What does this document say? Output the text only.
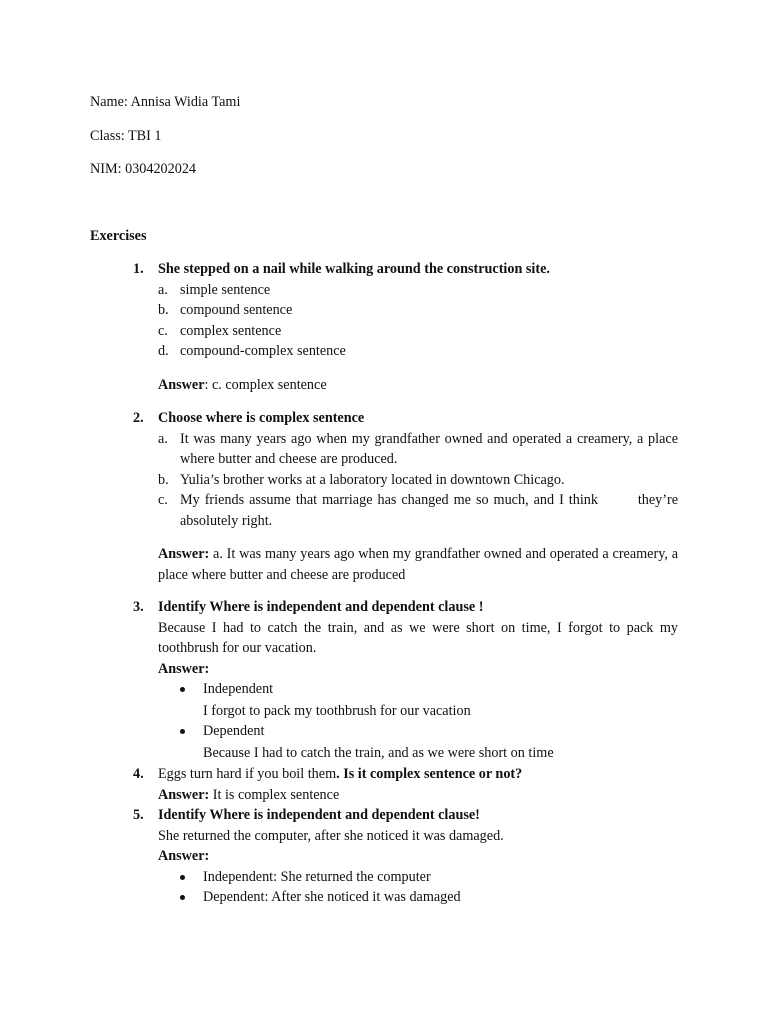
Name: Annisa Widia Tami
Class: TBI 1
NIM: 0304202024
Exercises
1. She stepped on a nail while walking around the construction site.
a. simple sentence
b. compound sentence
c. complex sentence
d. compound-complex sentence
Answer: c. complex sentence
2. Choose where is complex sentence
a. It was many years ago when my grandfather owned and operated a creamery, a place where butter and cheese are produced.
b. Yulia’s brother works at a laboratory located in downtown Chicago.
c. My friends assume that marriage has changed me so much, and I think        they’re absolutely right.
Answer: a. It was many years ago when my grandfather owned and operated a creamery, a place where butter and cheese are produced
3. Identify Where is independent and dependent clause !
Because I had to catch the train, and as we were short on time, I forgot to pack my toothbrush for our vacation.
Answer:
Independent
I forgot to pack my toothbrush for our vacation
Dependent
Because I had to catch the train, and as we were short on time
4. Eggs turn hard if you boil them. Is it complex sentence or not?
Answer: It is complex sentence
5. Identify Where is independent and dependent clause!
She returned the computer, after she noticed it was damaged.
Answer:
Independent: She returned the computer
Dependent: After she noticed it was damaged
